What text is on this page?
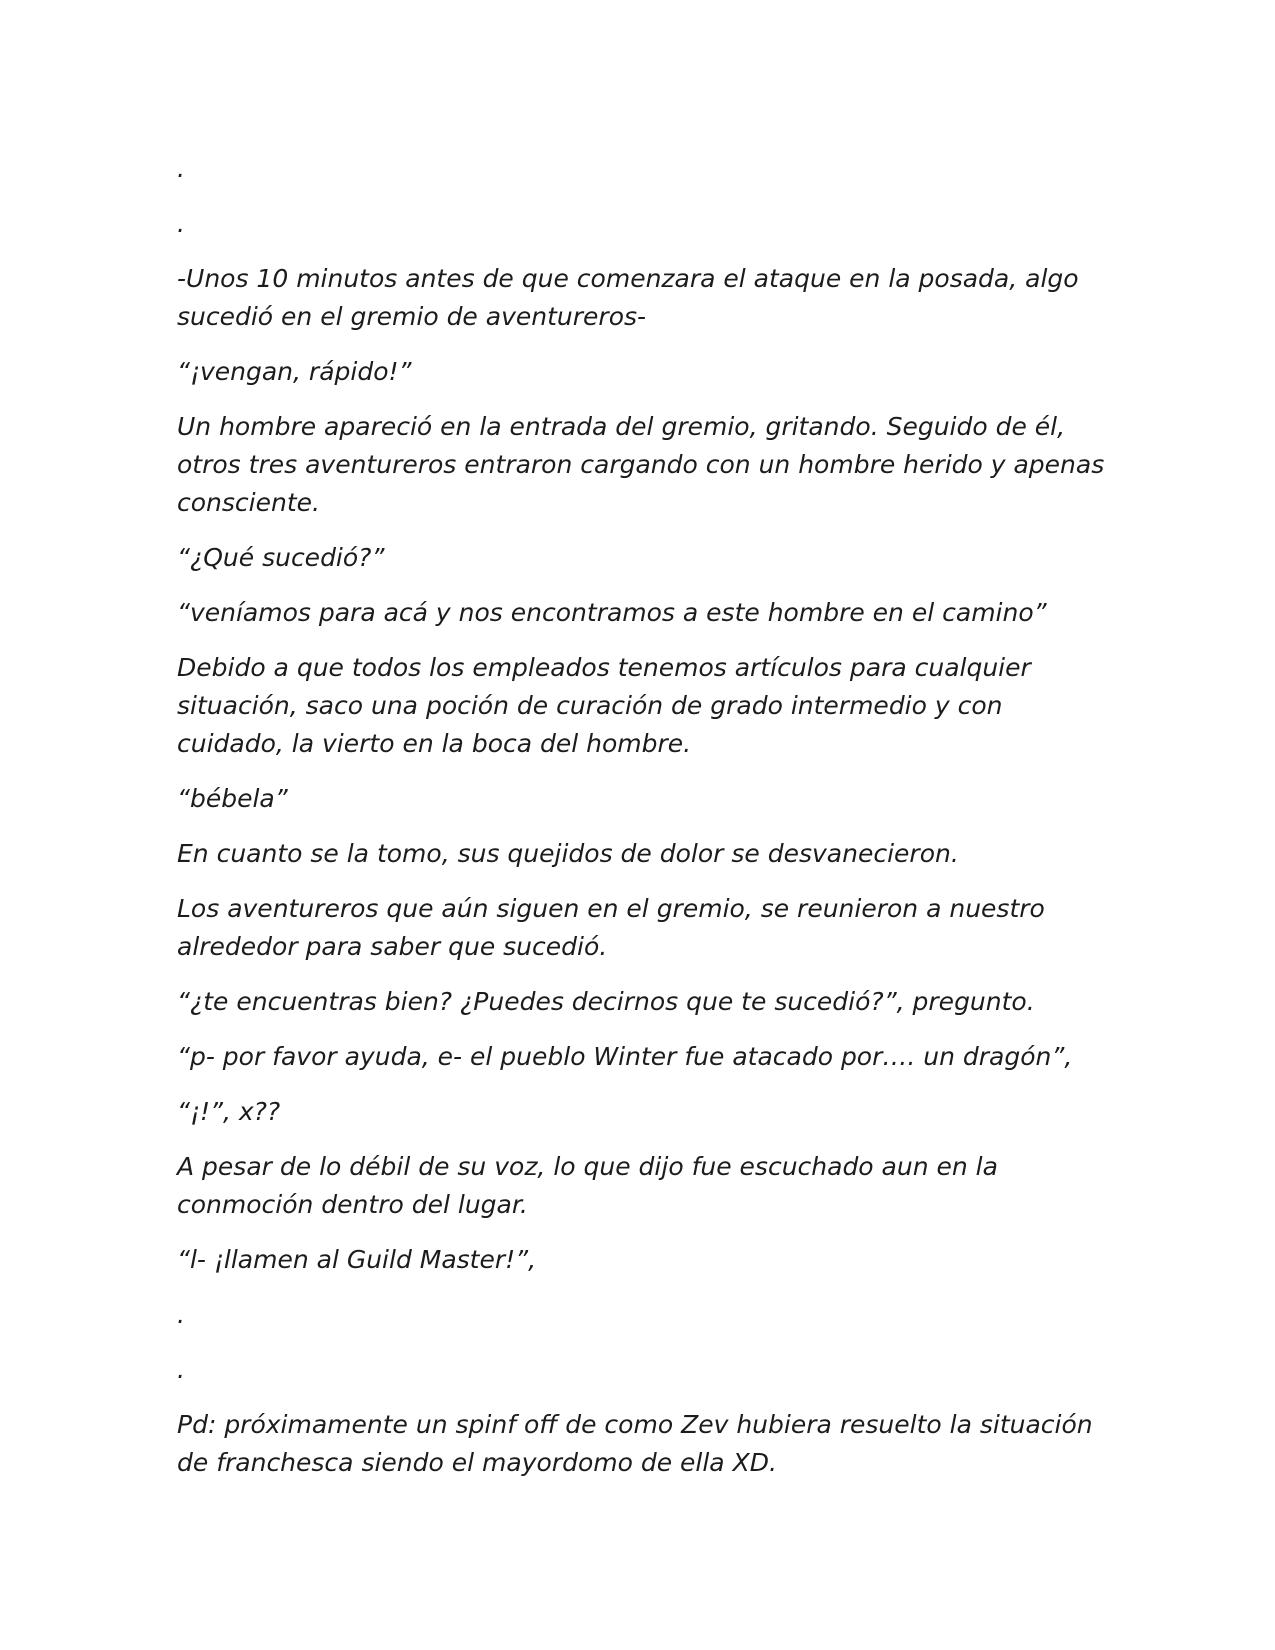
.

.

-Unos 10 minutos antes de que comenzara el ataque en la posada, algo sucedió en el gremio de aventureros-

“¡vengan, rápido!”

Un hombre apareció en la entrada del gremio, gritando. Seguido de él, otros tres aventureros entraron cargando con un hombre herido y apenas consciente.

“¿Qué sucedió?”

“veníamos para acá y nos encontramos a este hombre en el camino”

Debido a que todos los empleados tenemos artículos para cualquier situación, saco una poción de curación de grado intermedio y con cuidado, la vierto en la boca del hombre.

“bébela”

En cuanto se la tomo, sus quejidos de dolor se desvanecieron.

Los aventureros que aún siguen en el gremio, se reunieron a nuestro alrededor para saber que sucedió.

“¿te encuentras bien? ¿Puedes decirnos que te sucedió?”, pregunto.

“p- por favor ayuda, e- el pueblo Winter fue atacado por…. un dragón”,

“¡!”, x??

A pesar de lo débil de su voz, lo que dijo fue escuchado aun en la conmoción dentro del lugar.

“l- ¡llamen al Guild Master!”,

.

.

Pd: próximamente un spinf off de como Zev hubiera resuelto la situación de franchesca siendo el mayordomo de ella XD.
